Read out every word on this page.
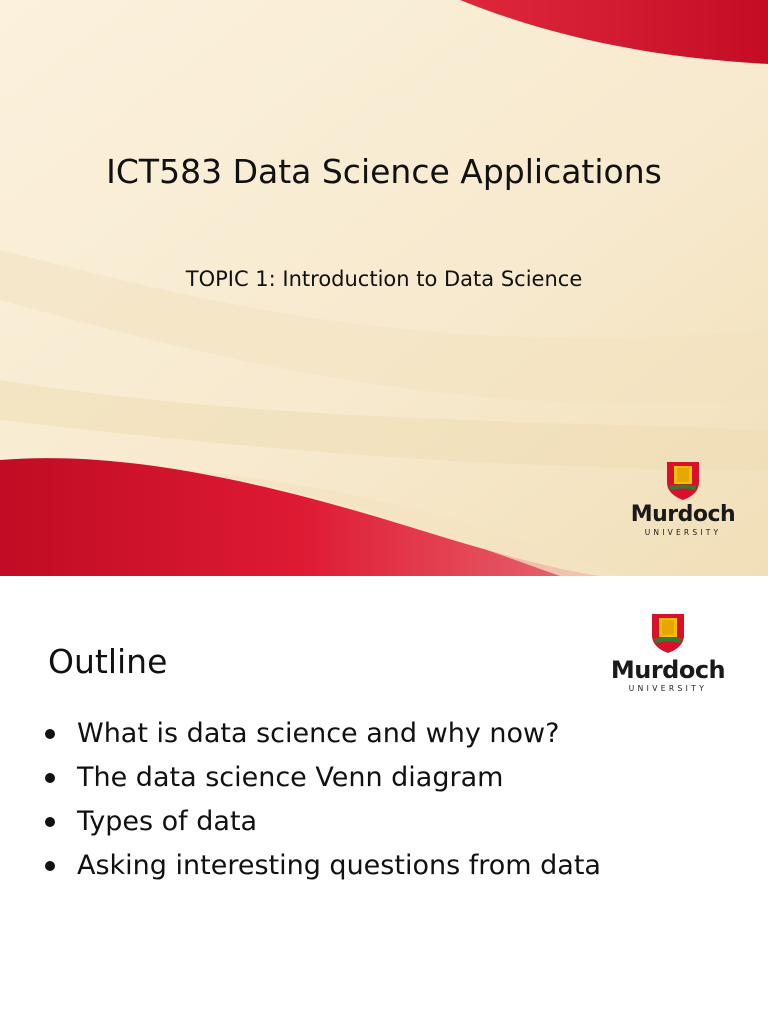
ICT583 Data Science Applications
TOPIC 1: Introduction to Data Science
Murdoch
UNIVERSITY
Outline	Murdoch
UNIVERSITY
What is data science and why now?
The data science Venn diagram
Types of data
Asking interesting questions from data
